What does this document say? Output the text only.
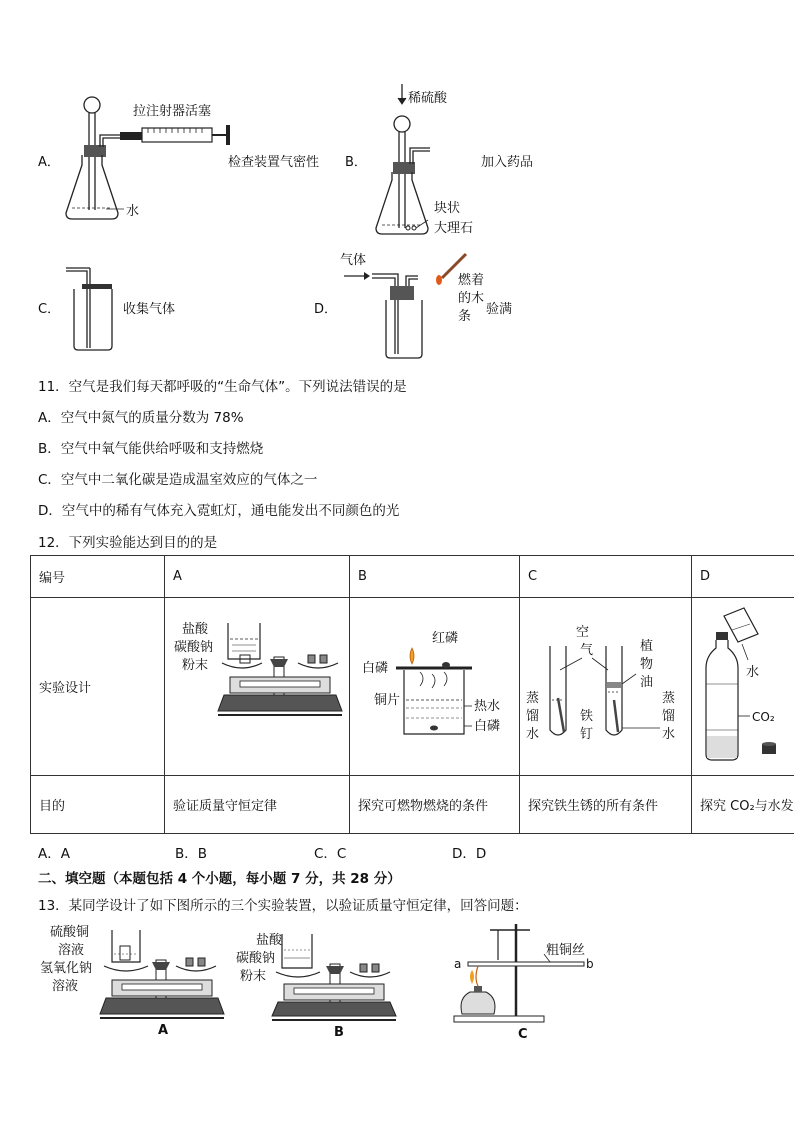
A．
水
拉注射器活塞
检查装置气密性 B．
稀硫酸
块状
大理石
加入药品
C．	收集气体	D．
气体
燃着
的木
条	验满
11．空气是我们每天都呼吸的“生命气体”。下列说法错误的是
A．空气中氮气的质量分数为 78%
B．空气中氧气能供给呼吸和支持燃烧
C．空气中二氧化碳是造成温室效应的气体之一
D．空气中的稀有气体充入霓虹灯，通电能发出不同颜色的光
12．下列实验能达到目的的是
编号	A	B	C	D
实验设计				
目的	验证质量守恒定律	探究可燃物燃烧的条件	探究铁生锈的所有条件	探究 CO₂与水发
盐酸
碳酸钠
粉末
红磷
白磷
铜片	热水
白磷
空
气	植
物
油
蒸
馏
水
铁
钉
蒸
馏
水
水
CO₂
A．A	B．B	C．C	D．D
二、填空题（本题包括 4 个小题，每小题 7 分，共 28 分）
13．某同学设计了如下图所示的三个实验装置，以验证质量守恒定律，回答问题：
硫酸铜
溶液
氢氧化钠
溶液
A
盐酸
碳酸钠
粉末
B
a	b
粗铜丝
C
